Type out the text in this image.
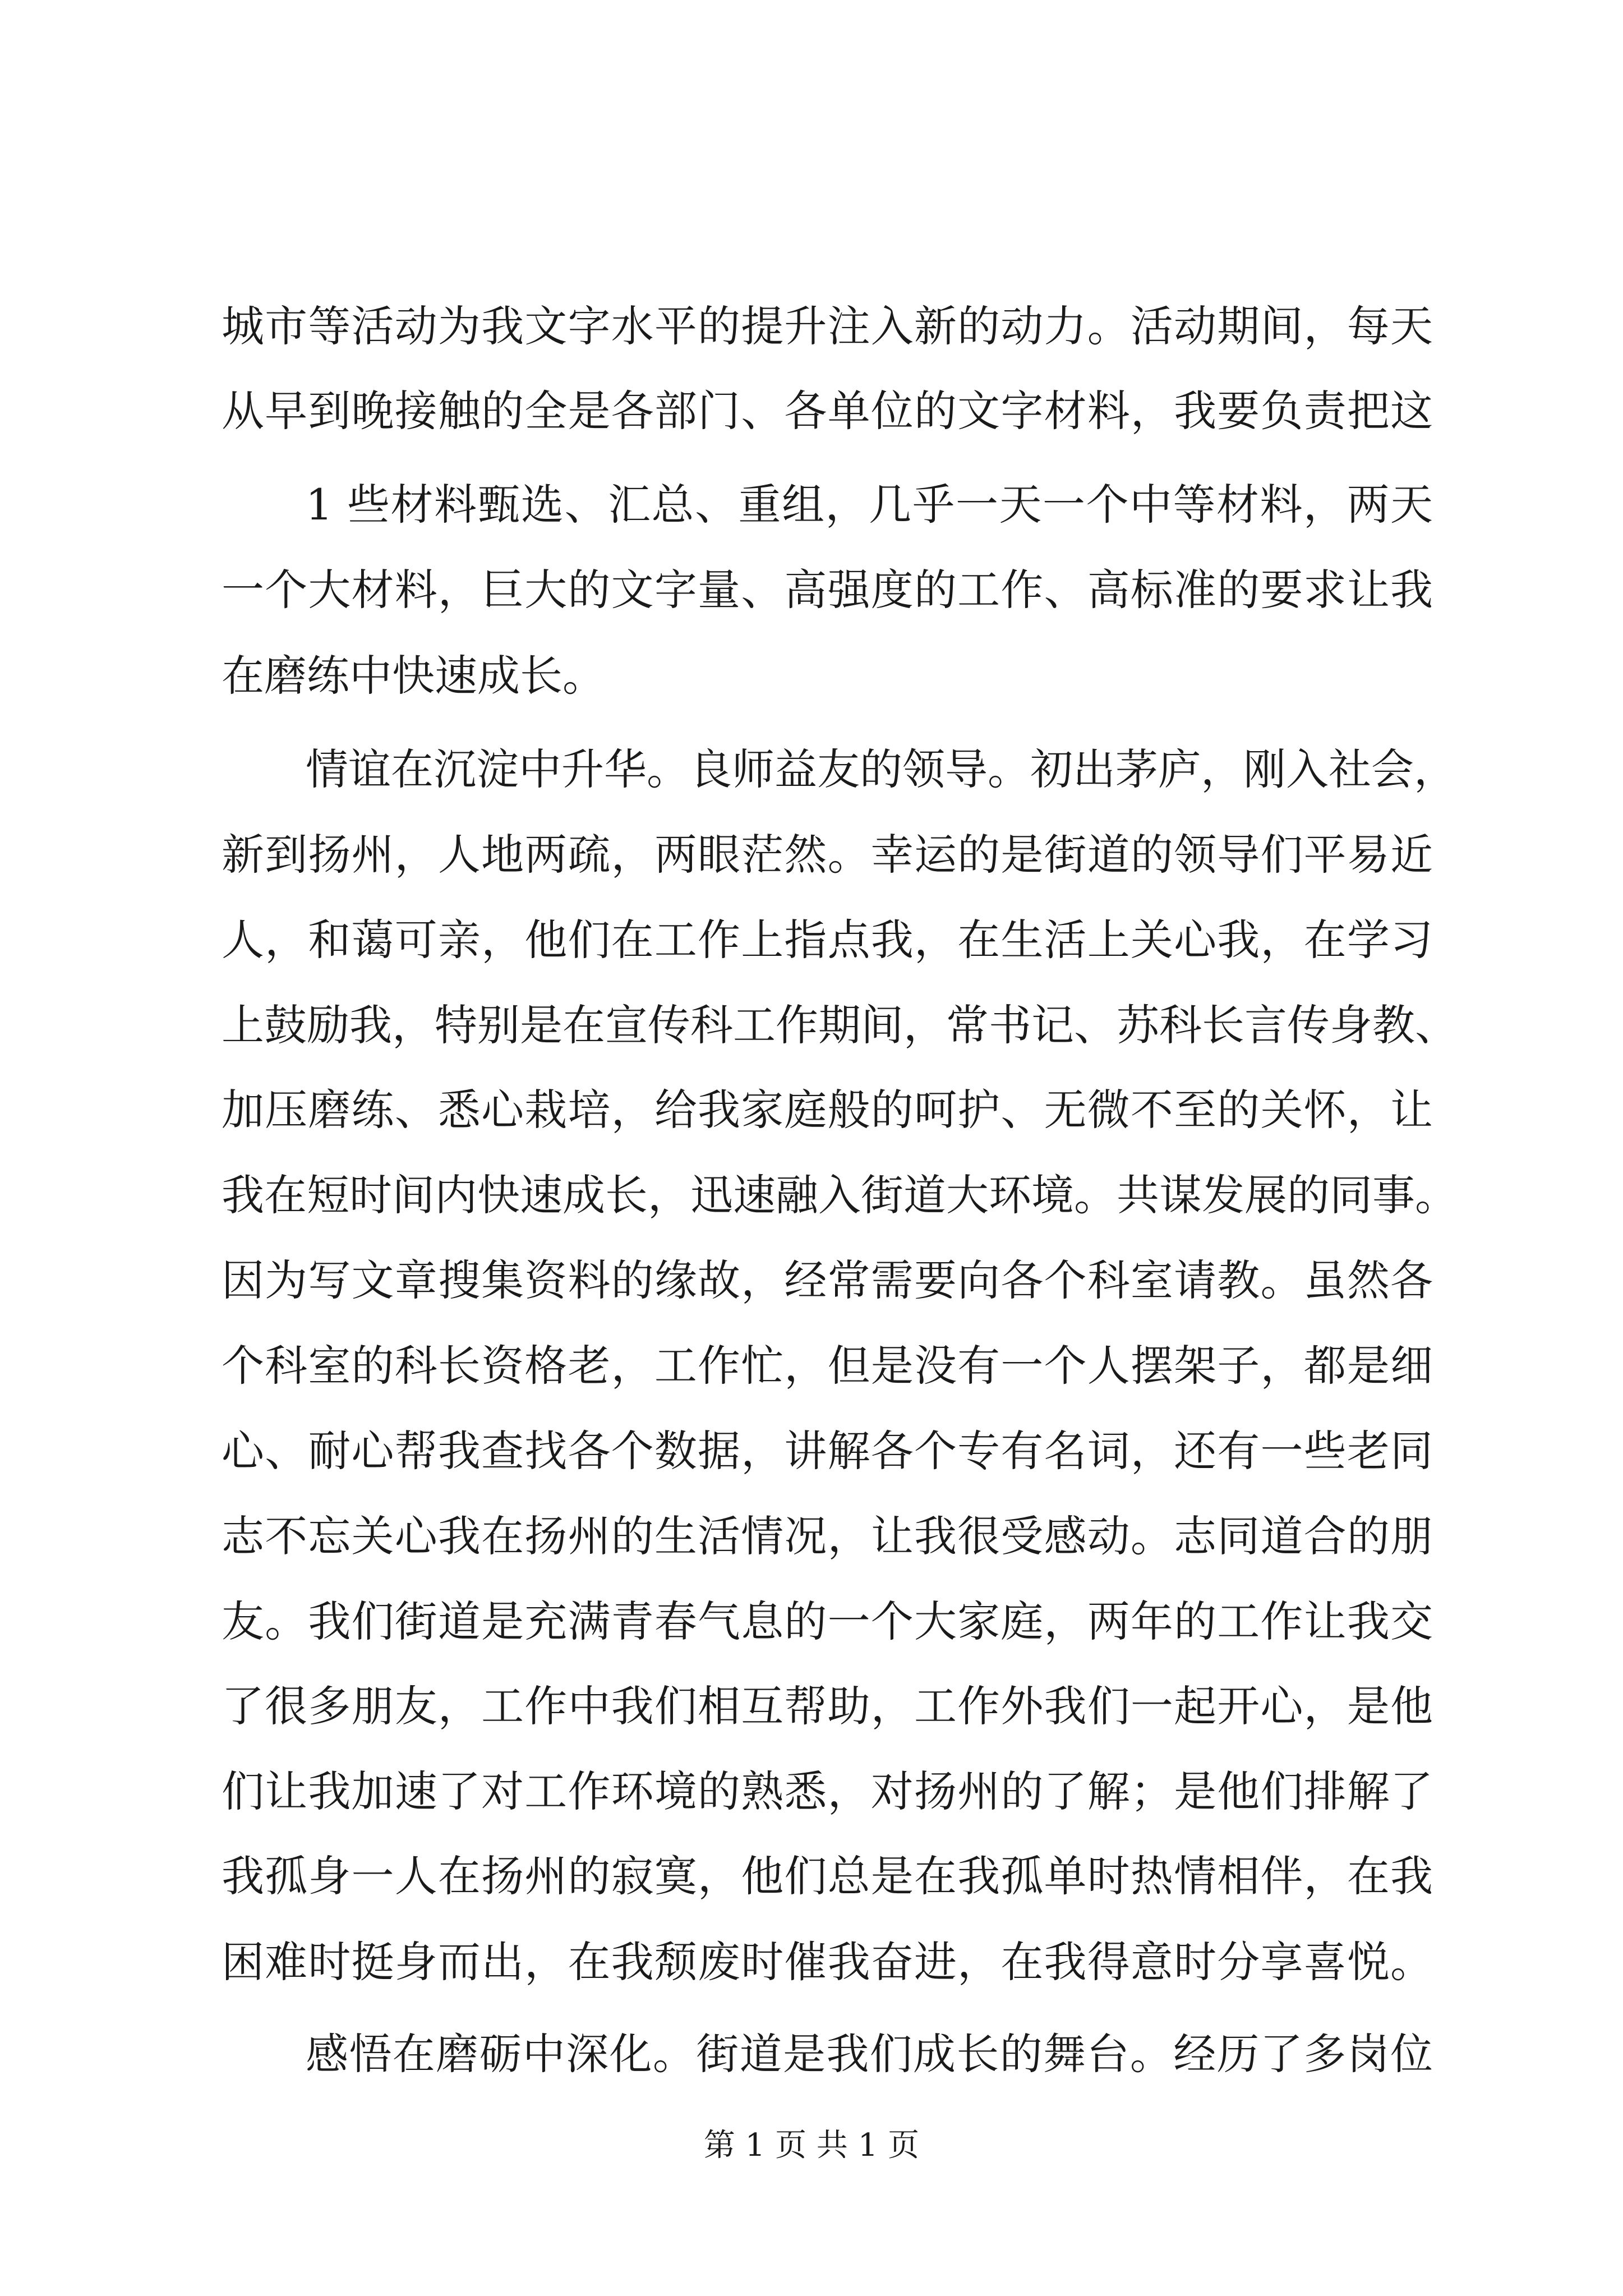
城市等活动为我文字水平的提升注入新的动力。活动期间，每天
从早到晚接触的全是各部门、各单位的文字材料，我要负责把这
1 些材料甄选、汇总、重组，几乎一天一个中等材料，两天
一个大材料，巨大的文字量、高强度的工作、高标准的要求让我
在磨练中快速成长。
情谊在沉淀中升华。良师益友的领导。初出茅庐，刚入社会，
新到扬州，人地两疏，两眼茫然。幸运的是街道的领导们平易近
人，和蔼可亲，他们在工作上指点我，在生活上关心我，在学习
上鼓励我，特别是在宣传科工作期间，常书记、苏科长言传身教、
加压磨练、悉心栽培，给我家庭般的呵护、无微不至的关怀，让
我在短时间内快速成长，迅速融入街道大环境。共谋发展的同事。
因为写文章搜集资料的缘故，经常需要向各个科室请教。虽然各
个科室的科长资格老，工作忙，但是没有一个人摆架子，都是细
心、耐心帮我查找各个数据，讲解各个专有名词，还有一些老同
志不忘关心我在扬州的生活情况，让我很受感动。志同道合的朋
友。我们街道是充满青春气息的一个大家庭，两年的工作让我交
了很多朋友，工作中我们相互帮助，工作外我们一起开心，是他
们让我加速了对工作环境的熟悉，对扬州的了解；是他们排解了
我孤身一人在扬州的寂寞，他们总是在我孤单时热情相伴，在我
困难时挺身而出，在我颓废时催我奋进，在我得意时分享喜悦。
感悟在磨砺中深化。街道是我们成长的舞台。经历了多岗位
第 1 页 共 1 页
